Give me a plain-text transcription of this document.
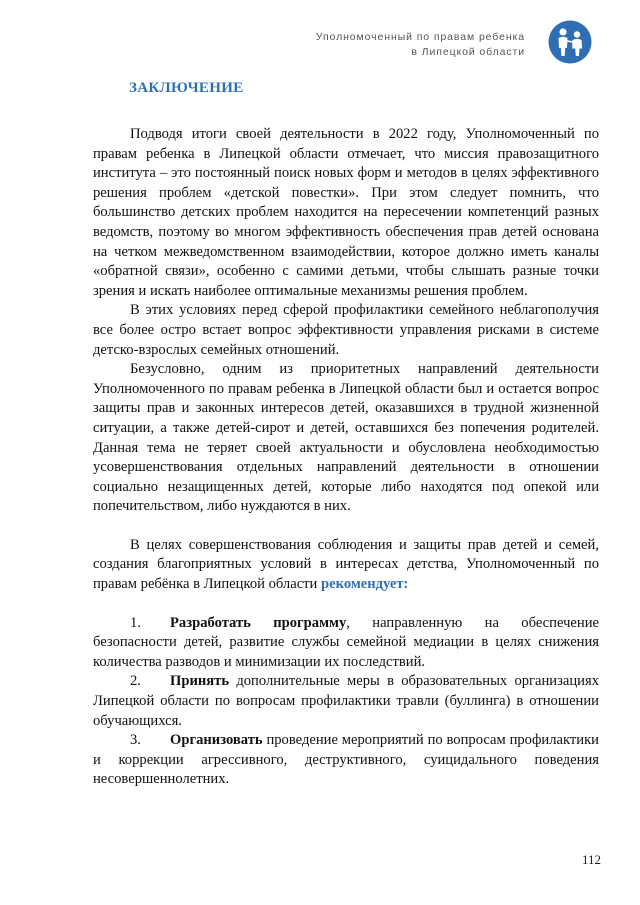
Уполномоченный по правам ребенка
в Липецкой области
ЗАКЛЮЧЕНИЕ

Подводя итоги своей деятельности в 2022 году, Уполномоченный по правам ребенка в Липецкой области отмечает, что миссия правозащитного института – это постоянный поиск новых форм и методов в целях эффективного решения проблем «детской повестки». При этом следует помнить, что большинство детских проблем находится на пересечении компетенций разных ведомств, поэтому во многом эффективность обеспечения прав детей основана на четком межведомственном взаимодействии, которое должно иметь каналы «обратной связи», особенно с самими детьми, чтобы слышать разные точки зрения и искать наиболее оптимальные механизмы решения проблем.

В этих условиях перед сферой профилактики семейного неблагополучия все более остро встает вопрос эффективности управления рисками в системе детско-взрослых семейных отношений.

Безусловно, одним из приоритетных направлений деятельности Уполномоченного по правам ребенка в Липецкой области был и остается вопрос защиты прав и законных интересов детей, оказавшихся в трудной жизненной ситуации, а также детей-сирот и детей, оставшихся без попечения родителей. Данная тема не теряет своей актуальности и обусловлена необходимостью усовершенствования отдельных направлений деятельности в отношении социально незащищенных детей, которые либо находятся под опекой или попечительством, либо нуждаются в них.

В целях совершенствования соблюдения и защиты прав детей и семей, создания благоприятных условий в интересах детства, Уполномоченный по правам ребёнка в Липецкой области рекомендует:

1. Разработать программу, направленную на обеспечение безопасности детей, развитие службы семейной медиации в целях снижения количества разводов и минимизации их последствий.

2. Принять дополнительные меры в образовательных организациях Липецкой области по вопросам профилактики травли (буллинга) в отношении обучающихся.

3. Организовать проведение мероприятий по вопросам профилактики и коррекции агрессивного, деструктивного, суицидального поведения несовершеннолетних.

112
